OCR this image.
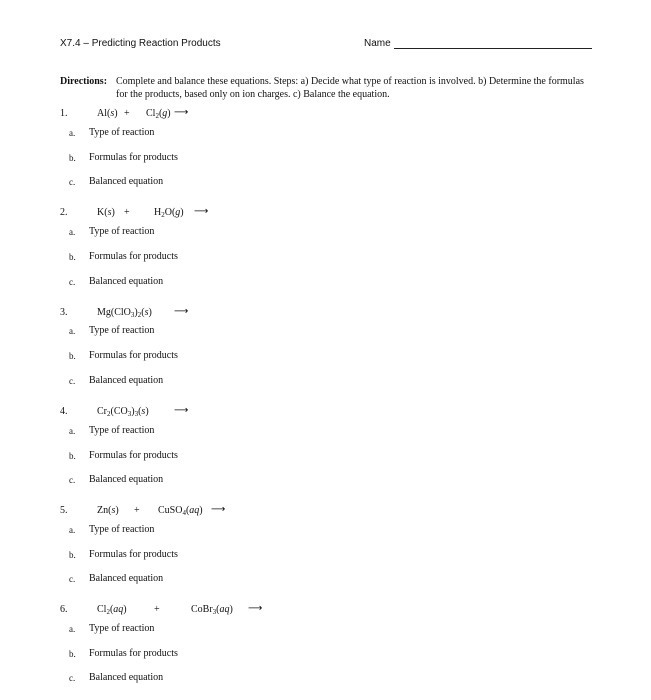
X7.4 – Predicting Reaction Products	Name
Directions: Complete and balance these equations. Steps: a) Decide what type of reaction is involved. b) Determine the formulas for the products, based only on ion charges. c) Balance the equation.
1.	$Al(s) + Cl_2(g)$ ⟶
a. Type of reaction
b. Formulas for products
c. Balanced equation
2.	$K(s) + H_2O(g)$ ⟶
a. Type of reaction
b. Formulas for products
c. Balanced equation
3.	$Mg(ClO_3)_2(s)$ ⟶
a. Type of reaction
b. Formulas for products
c. Balanced equation
4.	$Cr_2(CO_3)_3(s)$	⟶
a. Type of reaction
b. Formulas for products
c. Balanced equation
5.	Zn(s) + CuSO$_4$(aq) ⟶
a. Type of reaction
b. Formulas for products
c. Balanced equation
6.	$Cl_2(aq)$	+	CoBr$_3$(aq) ⟶
a. Type of reaction
b. Formulas for products
c. Balanced equation
